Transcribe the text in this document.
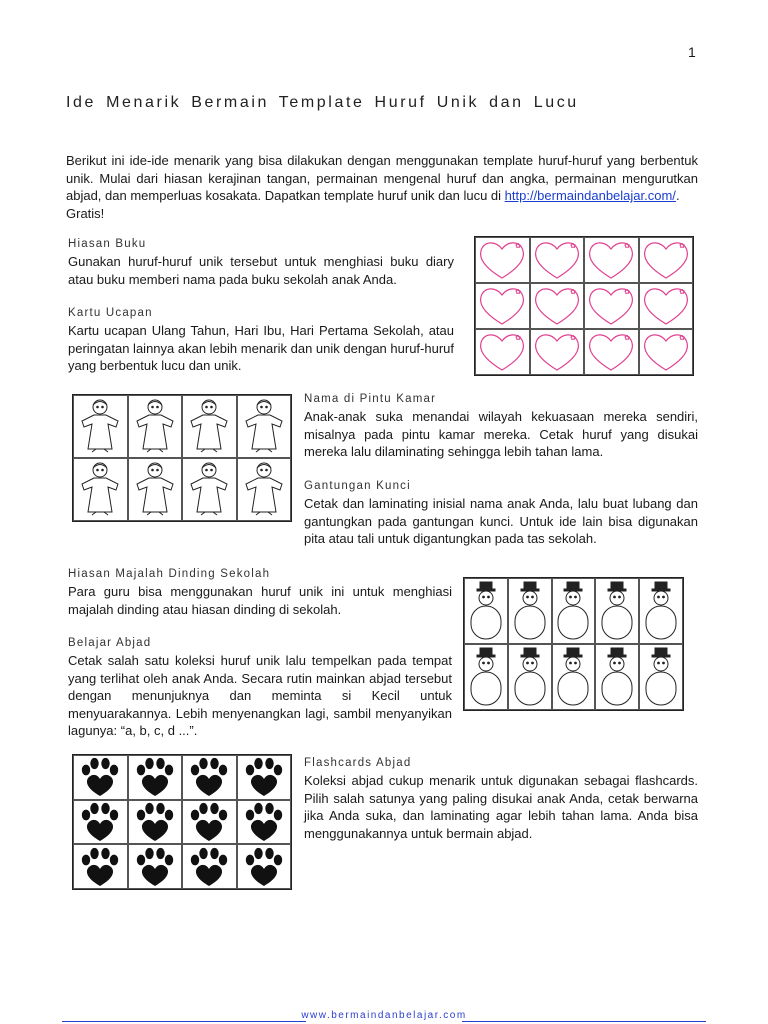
1
Ide Menarik Bermain Template Huruf Unik dan Lucu

Berikut ini ide-ide menarik yang bisa dilakukan dengan menggunakan template huruf-huruf yang berbentuk unik. Mulai dari hiasan kerajinan tangan, permainan mengenal huruf dan angka, permainan mengurutkan abjad, dan memperluas kosakata. Dapatkan template huruf unik dan lucu di http://bermaindanbelajar.com/.
Gratis!

Hiasan Buku

Gunakan huruf-huruf unik tersebut untuk menghiasi buku diary atau buku memberi nama pada buku sekolah anak Anda.

Kartu Ucapan

Kartu ucapan Ulang Tahun, Hari Ibu, Hari Pertama Sekolah, atau peringatan lainnya akan lebih menarik dan unik dengan huruf-huruf yang berbentuk lucu dan unik.

✿	✿	✿	✿
✿	✿	✿	✿
✿	✿	✿	✿
Nama di Pintu Kamar

Anak-anak suka menandai wilayah kekuasaan mereka sendiri, misalnya pada pintu kamar mereka. Cetak huruf yang disukai mereka lalu dilaminating sehingga lebih tahan lama.

Gantungan Kunci

Cetak dan laminating inisial nama anak Anda, lalu buat lubang dan gantungkan pada gantungan kunci. Untuk ide lain bisa digunakan pita atau tali untuk digantungkan pada tas sekolah.

Hiasan Majalah Dinding Sekolah

Para guru bisa menggunakan huruf unik ini untuk menghiasi majalah dinding atau hiasan dinding di sekolah.

Belajar Abjad

Cetak salah satu koleksi huruf unik lalu tempelkan pada tempat yang terlihat oleh anak Anda. Secara rutin mainkan abjad tersebut dengan menunjuknya dan meminta si Kecil untuk menyuarakannya. Lebih menyenangkan lagi, sambil menyanyikan lagunya: “a, b, c, d ...”.

Flashcards Abjad

Koleksi abjad cukup menarik untuk digunakan sebagai flashcards. Pilih salah satunya yang paling disukai anak Anda, cetak berwarna jika Anda suka, dan laminating agar lebih tahan lama. Anda bisa menggunakannya untuk bermain abjad.

www.bermaindanbelajar.com
